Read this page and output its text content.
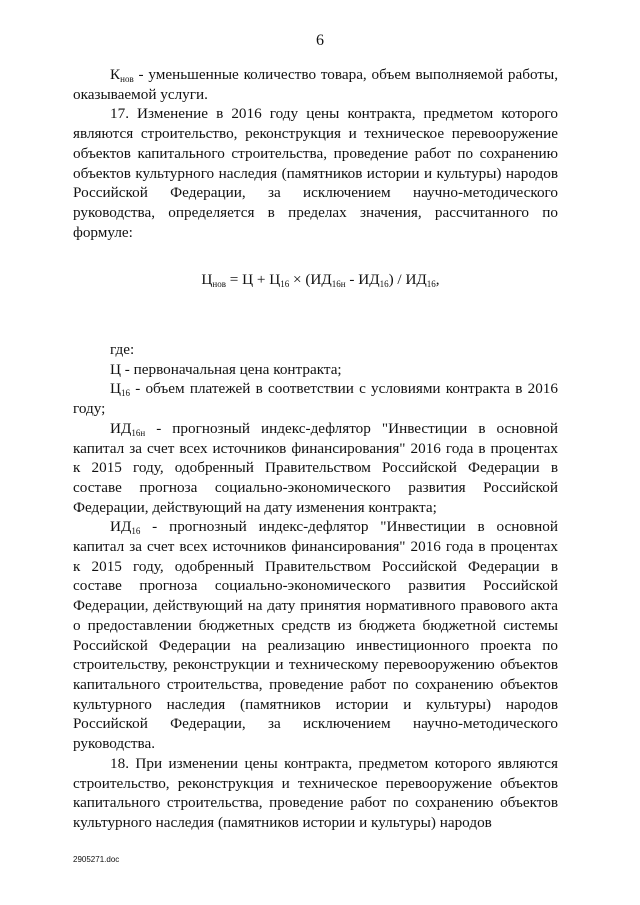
6

$К_{нов}$ - уменьшенные количество товара, объем выполняемой работы, оказываемой услуги.

17. Изменение в 2016 году цены контракта, предметом которого являются строительство, реконструкция и техническое перевооружение объектов капитального строительства, проведение работ по сохранению объектов культурного наследия (памятников истории и культуры) народов Российской Федерации, за исключением научно-методического руководства, определяется в пределах значения, рассчитанного по формуле:

$Ц_{нов} = Ц + Ц_{16} \times (ИД_{16н} - ИД_{16}) / ИД_{16}$,

где:

Ц - первоначальная цена контракта;

$Ц_{16}$ - объем платежей в соответствии с условиями контракта в 2016 году;

$ИД_{16н}$ - прогнозный индекс-дефлятор "Инвестиции в основной капитал за счет всех источников финансирования" 2016 года в процентах к 2015 году, одобренный Правительством Российской Федерации в составе прогноза социально-экономического развития Российской Федерации, действующий на дату изменения контракта;

$ИД_{16}$ - прогнозный индекс-дефлятор "Инвестиции в основной капитал за счет всех источников финансирования" 2016 года в процентах к 2015 году, одобренный Правительством Российской Федерации в составе прогноза социально-экономического развития Российской Федерации, действующий на дату принятия нормативного правового акта о предоставлении бюджетных средств из бюджета бюджетной системы Российской Федерации на реализацию инвестиционного проекта по строительству, реконструкции и техническому перевооружению объектов капитального строительства, проведение работ по сохранению объектов культурного наследия (памятников истории и культуры) народов Российской Федерации, за исключением научно-методического руководства.

18. При изменении цены контракта, предметом которого являются строительство, реконструкция и техническое перевооружение объектов капитального строительства, проведение работ по сохранению объектов культурного наследия (памятников истории и культуры) народов

2905271.doc
